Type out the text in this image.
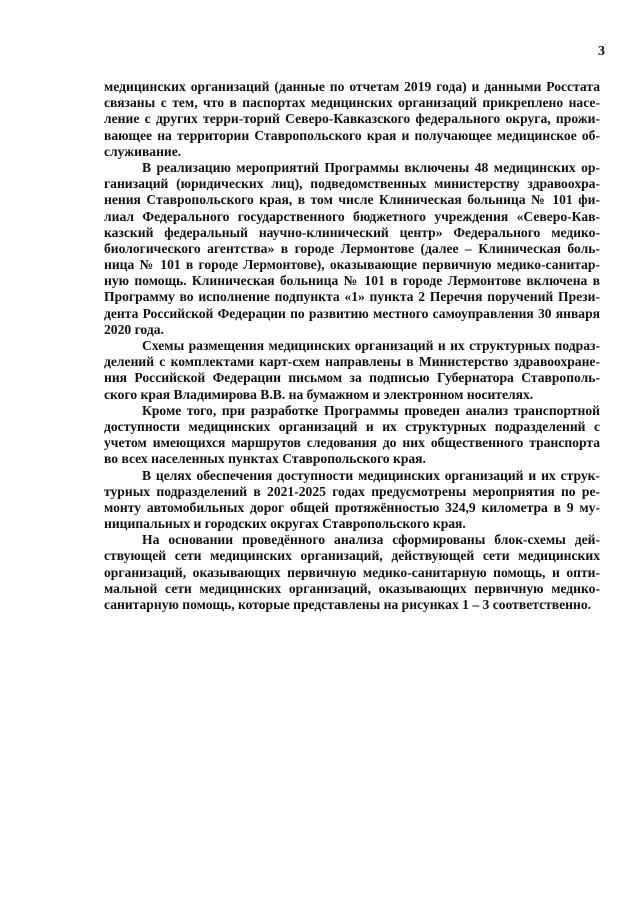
3
медицинских организаций (данные по отчетам 2019 года) и данными Росстата
связаны с тем, что в паспортах медицинских организаций прикреплено насе-
ление с других терри-торий Северо-Кавказского федерального округа, прожи-
вающее на территории Ставропольского края и получающее медицинское об-
служивание.
В реализацию мероприятий Программы включены 48 медицинских ор-
ганизаций (юридических лиц), подведомственных министерству здравоохра-
нения Ставропольского края, в том числе Клиническая больница № 101 фи-
лиал Федерального государственного бюджетного учреждения «Северо-Кав-
казский федеральный научно-клинический центр» Федерального медико-
биологического агентства» в городе Лермонтове (далее – Клиническая боль-
ница № 101 в городе Лермонтове), оказывающие первичную медико-санитар-
ную помощь. Клиническая больница № 101 в городе Лермонтове включена в
Программу во исполнение подпункта «1» пункта 2 Перечня поручений Прези-
дента Российской Федерации по развитию местного самоуправления 30 января
2020 года.
Схемы размещения медицинских организаций и их структурных подраз-
делений с комплектами карт-схем направлены в Министерство здравоохране-
ния Российской Федерации письмом за подписью Губернатора Ставрополь-
ского края Владимирова В.В. на бумажном и электронном носителях.
Кроме того, при разработке Программы проведен анализ транспортной
доступности медицинских организаций и их структурных подразделений с
учетом имеющихся маршрутов следования до них общественного транспорта
во всех населенных пунктах Ставропольского края.
В целях обеспечения доступности медицинских организаций и их струк-
турных подразделений в 2021-2025 годах предусмотрены мероприятия по ре-
монту автомобильных дорог общей протяжённостью 324,9 километра в 9 му-
ниципальных и городских округах Ставропольского края.
На основании проведённого анализа сформированы блок-схемы дей-
ствующей сети медицинских организаций, действующей сети медицинских
организаций, оказывающих первичную медико-санитарную помощь, и опти-
мальной сети медицинских организаций, оказывающих первичную медико-
санитарную помощь, которые представлены на рисунках 1 – 3 соответственно.
